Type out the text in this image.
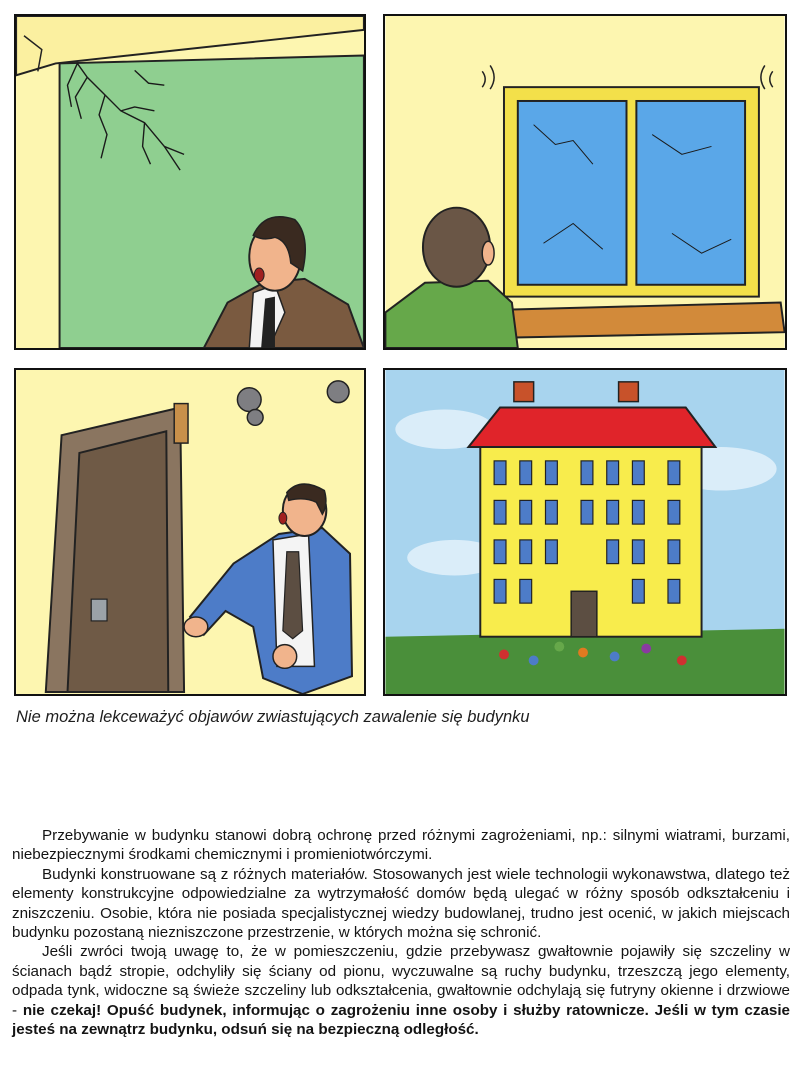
Nie można lekceważyć objawów zwiastujących zawalenie się budynku

Przebywanie w budynku stanowi dobrą ochronę przed różnymi zagrożeniami, np.: silnymi wiatrami, burzami, niebezpiecznymi środkami chemicznymi i promieniotwórczymi.

Budynki konstruowane są z różnych materiałów. Stosowanych jest wiele technologii wykonawstwa, dlatego też elementy konstrukcyjne odpowiedzialne za wytrzymałość domów będą ulegać w różny sposób odkształceniu i zniszczeniu. Osobie, która nie posiada specjalistycznej wiedzy budowlanej, trudno jest ocenić, w jakich miejscach budynku pozostaną niezniszczone przestrzenie, w których można się schronić.

Jeśli zwróci twoją uwagę to, że w pomieszczeniu, gdzie przebywasz gwałtownie pojawiły się szczeliny w ścianach bądź stropie, odchyliły się ściany od pionu, wyczuwalne są ruchy budynku, trzeszczą jego elementy, odpada tynk, widoczne są świeże szczeliny lub odkształcenia, gwałtownie odchylają się futryny okienne i drzwiowe - nie czekaj! Opuść budynek, informując o zagrożeniu inne osoby i służby ratownicze. Jeśli w tym czasie jesteś na zewnątrz budynku, odsuń się na bezpieczną odległość.
